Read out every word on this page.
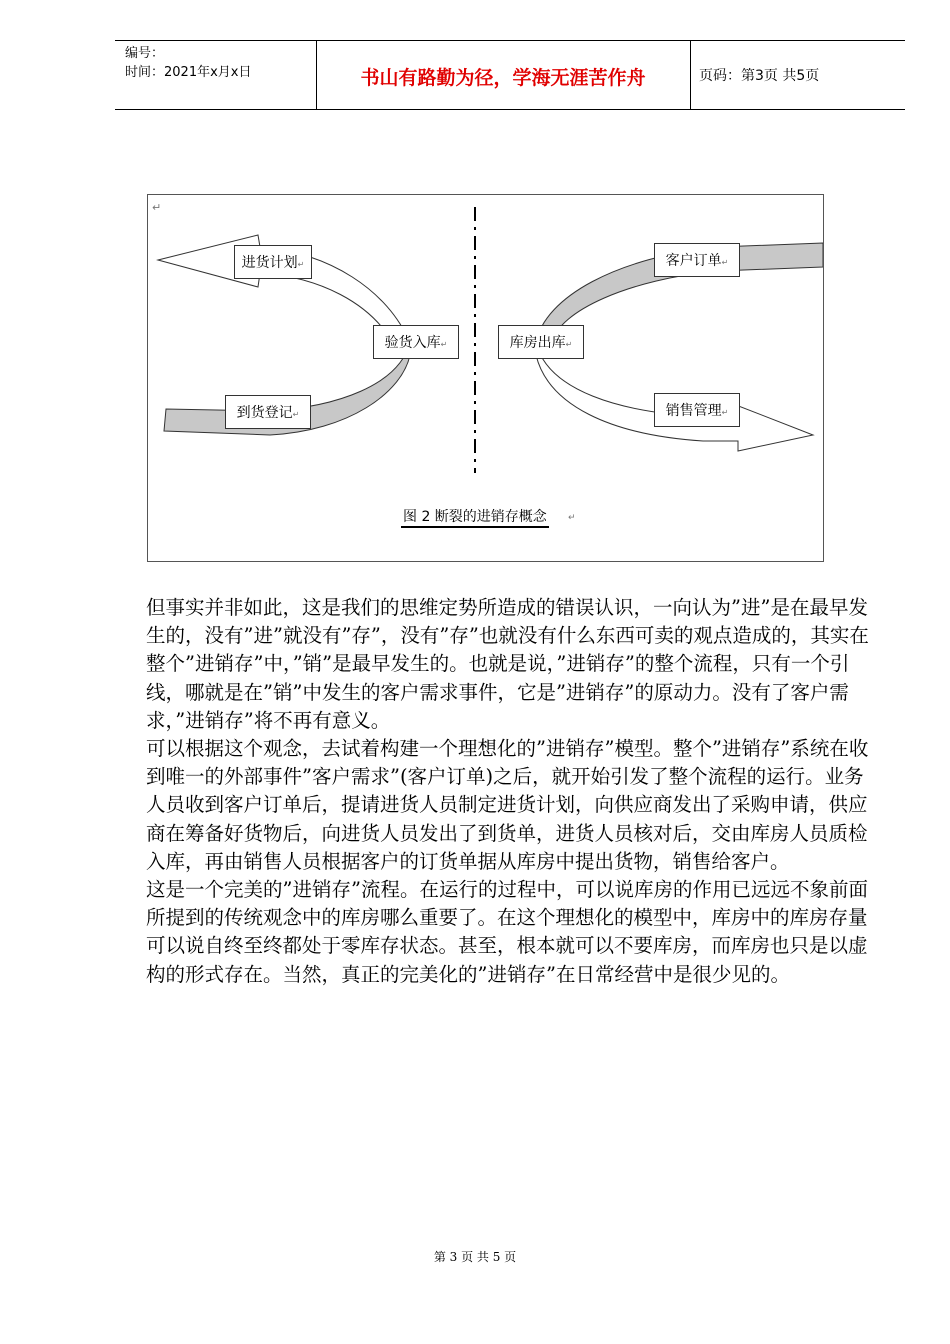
编号：
时间：2021年x月x日	书山有路勤为径，学海无涯苦作舟	页码：第3页 共5页
↵
进货计划 ↵
验货入库 ↵
到货登记 ↵
客户订单 ↵
库房出库 ↵
销售管理 ↵
图 2 断裂的进销存概念 ↵

但事实并非如此，这是我们的思维定势所造成的错误认识，一向认为”进”是在最早发生的，没有”进”就没有”存”，没有”存”也就没有什么东西可卖的观点造成的，其实在整个”进销存”中，”销”是最早发生的。也就是说，”进销存”的整个流程，只有一个引线，哪就是在”销”中发生的客户需求事件，它是”进销存”的原动力。没有了客户需求，”进销存”将不再有意义。

可以根据这个观念，去试着构建一个理想化的”进销存”模型。整个”进销存”系统在收到唯一的外部事件”客户需求”(客户订单)之后，就开始引发了整个流程的运行。业务人员收到客户订单后，提请进货人员制定进货计划，向供应商发出了采购申请，供应商在筹备好货物后，向进货人员发出了到货单，进货人员核对后，交由库房人员质检入库，再由销售人员根据客户的订货单据从库房中提出货物，销售给客户。

这是一个完美的”进销存”流程。在运行的过程中，可以说库房的作用已远远不象前面所提到的传统观念中的库房哪么重要了。在这个理想化的模型中，库房中的库房存量可以说自终至终都处于零库存状态。甚至，根本就可以不要库房，而库房也只是以虚构的形式存在。当然，真正的完美化的”进销存”在日常经营中是很少见的。

第 3 页 共 5 页
